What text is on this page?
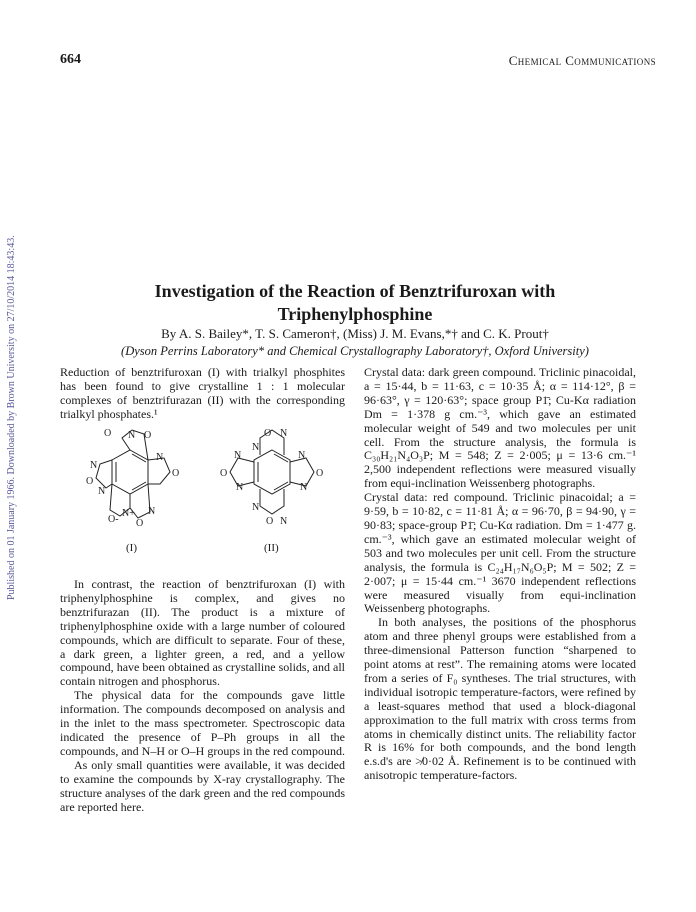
Published on 01 January 1966. Downloaded by Brown University on 27/10/2014 18:43:43.
664	Chemical Communications
Investigation of the Reaction of Benztrifuroxan with
Triphenylphosphine
By A. S. Bailey*, T. S. Cameron†, (Miss) J. M. Evans,*† and C. K. Prout†
(Dyson Perrins Laboratory* and Chemical Crystallography Laboratory†, Oxford University)

Reduction of benztrifuroxan (I) with trialkyl phosphites has been found to give crystalline 1 : 1 molecular complexes of benztrifurazan (II) with the corresponding trialkyl phosphates.¹

O N O
N
O
N
O
N
O-
N+ N
O
O N
N
N
O
N
N
O
N
N
O N
(I)	(II)

In contrast, the reaction of benztrifuroxan (I) with triphenylphosphine is complex, and gives no benztrifurazan (II). The product is a mixture of triphenylphosphine oxide with a large number of coloured compounds, which are difficult to separate. Four of these, a dark green, a lighter green, a red, and a yellow compound, have been obtained as crystalline solids, and all contain nitrogen and phosphorus.

The physical data for the compounds gave little information. The compounds decomposed on analysis and in the inlet to the mass spectrometer. Spectroscopic data indicated the presence of P–Ph groups in all the compounds, and N–H or O–H groups in the red compound.

As only small quantities were available, it was decided to examine the compounds by X-ray crystallography. The structure analyses of the dark green and the red compounds are reported here.

Crystal data: dark green compound. Triclinic pinacoidal, a = 15·44, b = 11·63, c = 10·35 Å; α = 114·12°, β = 96·63°, γ = 120·63°; space group P1̄; Cu-Kα radiation Dm = 1·378 g cm.⁻³, which gave an estimated molecular weight of 549 and two molecules per unit cell. From the structure analysis, the formula is C₃₀H₂₁N₄O₃P; M = 548; Z = 2·005; μ = 13·6 cm.⁻¹ 2,500 independent reflections were measured visually from equi-inclination Weissenberg photographs.

Crystal data: red compound. Triclinic pinacoidal; a = 9·59, b = 10·82, c = 11·81 Å; α = 96·70, β = 94·90, γ = 90·83; space-group P1̄; Cu-Kα radiation. Dm = 1·477 g. cm.⁻³, which gave an estimated molecular weight of 503 and two molecules per unit cell. From the structure analysis, the formula is C₂₄H₁₇N₆O₅P; M = 502; Z = 2·007; μ = 15·44 cm.⁻¹ 3670 independent reflections were measured visually from equi-inclination Weissenberg photographs.

In both analyses, the positions of the phosphorus atom and three phenyl groups were established from a three-dimensional Patterson function “sharpened to point atoms at rest”. The remaining atoms were located from a series of F₀ syntheses. The trial structures, with individual isotropic temperature-factors, were refined by a least-squares method that used a block-diagonal approximation to the full matrix with cross terms from atoms in chemically distinct units. The reliability factor R is 16% for both compounds, and the bond length e.s.d's are ≯0·02 Å. Refinement is to be continued with anisotropic temperature-factors.
